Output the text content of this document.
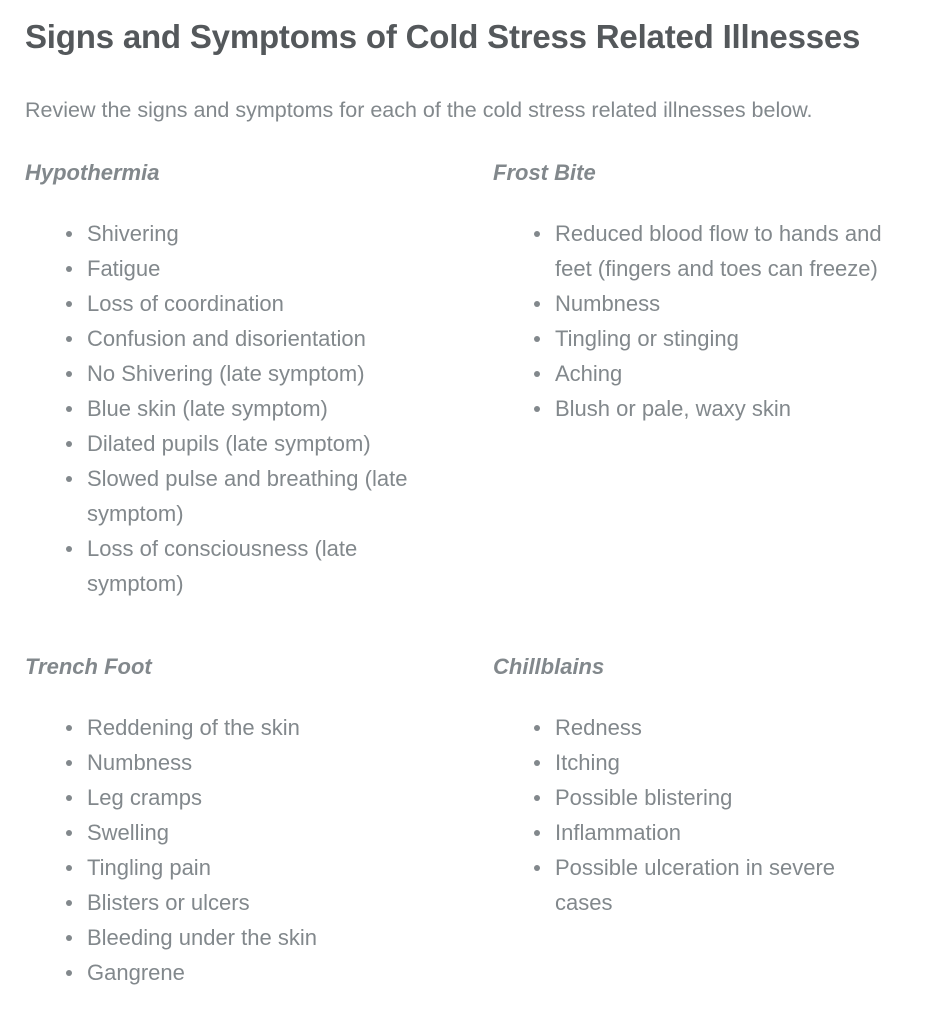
Signs and Symptoms of Cold Stress Related Illnesses

Review the signs and symptoms for each of the cold stress related illnesses below.

Hypothermia
Shivering
Fatigue
Loss of coordination
Confusion and disorientation
No Shivering (late symptom)
Blue skin (late symptom)
Dilated pupils (late symptom)
Slowed pulse and breathing (late symptom)
Loss of consciousness (late symptom)
Frost Bite
Reduced blood flow to hands and feet (fingers and toes can freeze)
Numbness
Tingling or stinging
Aching
Blush or pale, waxy skin
Trench Foot
Reddening of the skin
Numbness
Leg cramps
Swelling
Tingling pain
Blisters or ulcers
Bleeding under the skin
Gangrene
Chillblains
Redness
Itching
Possible blistering
Inflammation
Possible ulceration in severe cases
